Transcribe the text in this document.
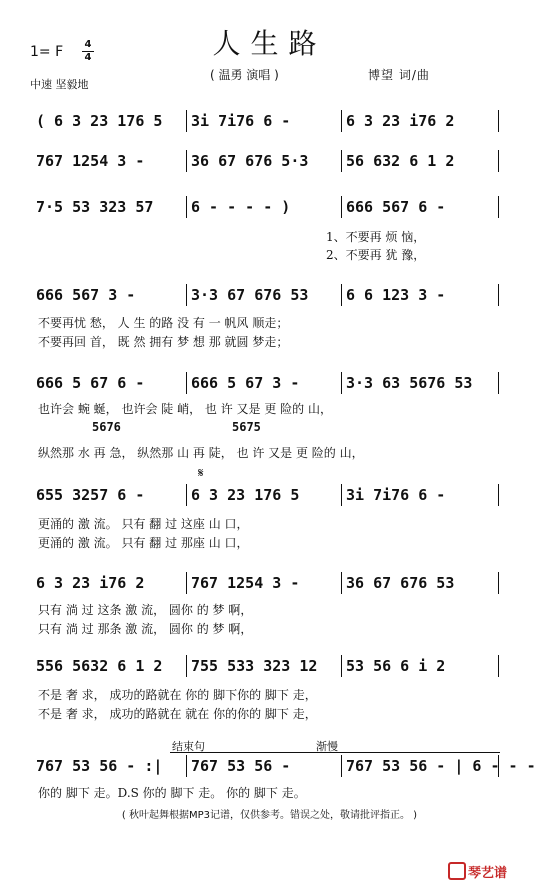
人生路
( 温勇 演唱 )	博望 词/曲
1= F 4
4
中速 坚毅地
( 6 3 23 176 5 3i 7i76 6 -	6 3 23 i76 2
767 1254 3 -	36 67 676 5·3	56 632 6 1 2
7·5 53 323 57	6 - - - - )	666 567 6 -
666 567 3 -	3·3 67 676 53	6 6 123 3 -
666 5 67 6 -	666 5 67 3 -	3·3 63 5676 53
655 3257 6 -	6 3 23 176 5	3i 7i76 6 -
6 3 23 i76 2	767 1254 3 -	36 67 676 53
556 5632 6 1 2 755 533 323 12 53 56 6 i 2
767 53 56 - :| 767 53 56 -	767 53 56 - | 6 - - -
1、不要再 烦 恼，
2、不要再 犹 豫，
不要再忧 愁， 人 生 的路 没 有 一 帆风 顺走；
不要再回 首， 既 然 拥有 梦 想 那 就圆 梦走；
也许会 蜿 蜒， 也许会 陡 峭， 也 许 又是 更 险的 山，
纵然那 水 再 急， 纵然那 山 再 陡， 也 许 又是 更 险的 山，
更涌的 激 流。 只有 翻 过 这座 山 口，
更涌的 激 流。 只有 翻 过 那座 山 口，
只有 淌 过 这条 激 流， 圆你 的 梦 啊，
只有 淌 过 那条 激 流， 圆你 的 梦 啊，
不是 奢 求， 成功的路就在 你的 脚下你的 脚下 走，
不是 奢 求， 成功的路就在 就在 你的你的 脚下 走，
你的 脚下 走。D.S 你的 脚下 走。 你的 脚下 走。
5676	5675
𝄋
结束句	渐慢
( 秋叶起舞根据MP3记谱，仅供参考。错误之处，敬请批评指正。 )
琴艺谱
